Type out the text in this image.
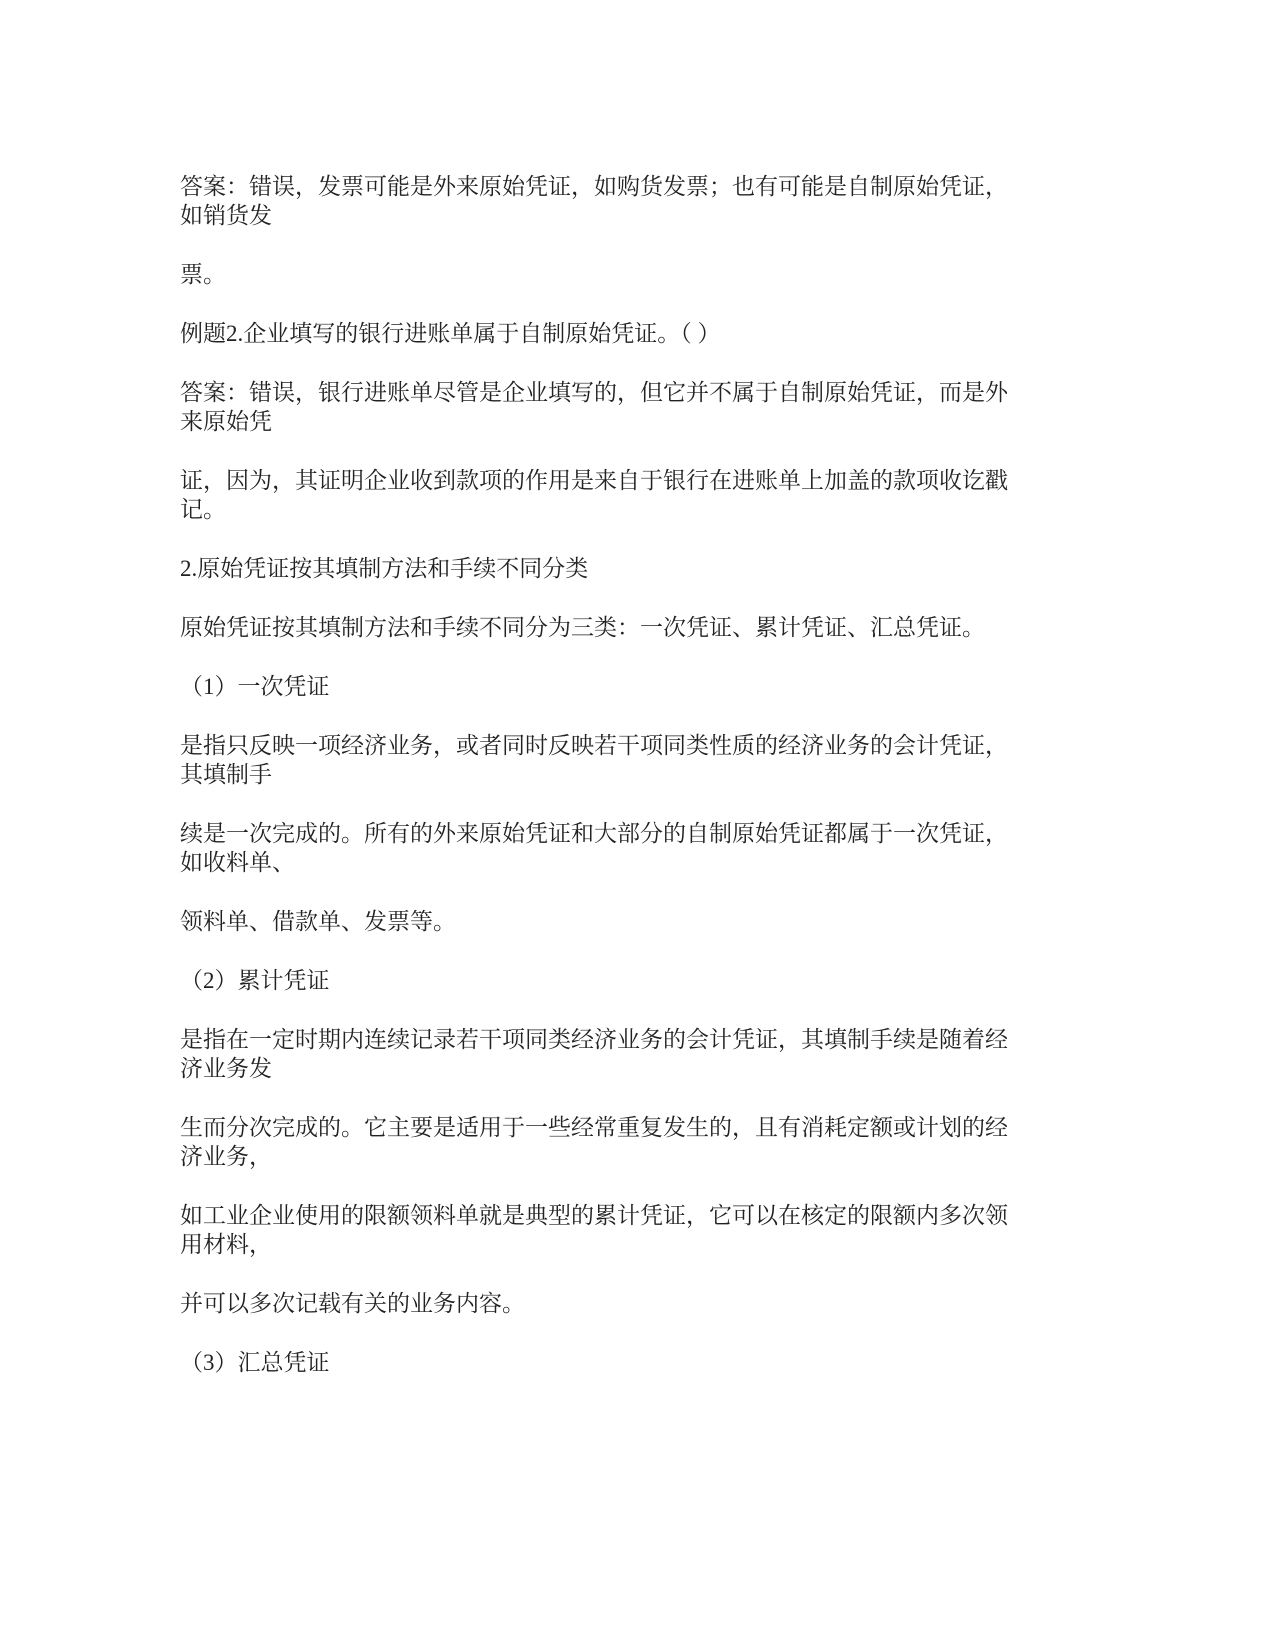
答案：错误，发票可能是外来原始凭证，如购货发票；也有可能是自制原始凭证，
如销货发
票。
例题2.企业填写的银行进账单属于自制原始凭证。（ ）
答案：错误，银行进账单尽管是企业填写的，但它并不属于自制原始凭证，而是外
来原始凭
证，因为，其证明企业收到款项的作用是来自于银行在进账单上加盖的款项收讫戳
记。
2.原始凭证按其填制方法和手续不同分类
原始凭证按其填制方法和手续不同分为三类：一次凭证、累计凭证、汇总凭证。
（1）一次凭证
是指只反映一项经济业务，或者同时反映若干项同类性质的经济业务的会计凭证，
其填制手
续是一次完成的。所有的外来原始凭证和大部分的自制原始凭证都属于一次凭证，
如收料单、
领料单、借款单、发票等。
（2）累计凭证
是指在一定时期内连续记录若干项同类经济业务的会计凭证，其填制手续是随着经
济业务发
生而分次完成的。它主要是适用于一些经常重复发生的，且有消耗定额或计划的经
济业务，
如工业企业使用的限额领料单就是典型的累计凭证，它可以在核定的限额内多次领
用材料，
并可以多次记载有关的业务内容。
（3）汇总凭证
